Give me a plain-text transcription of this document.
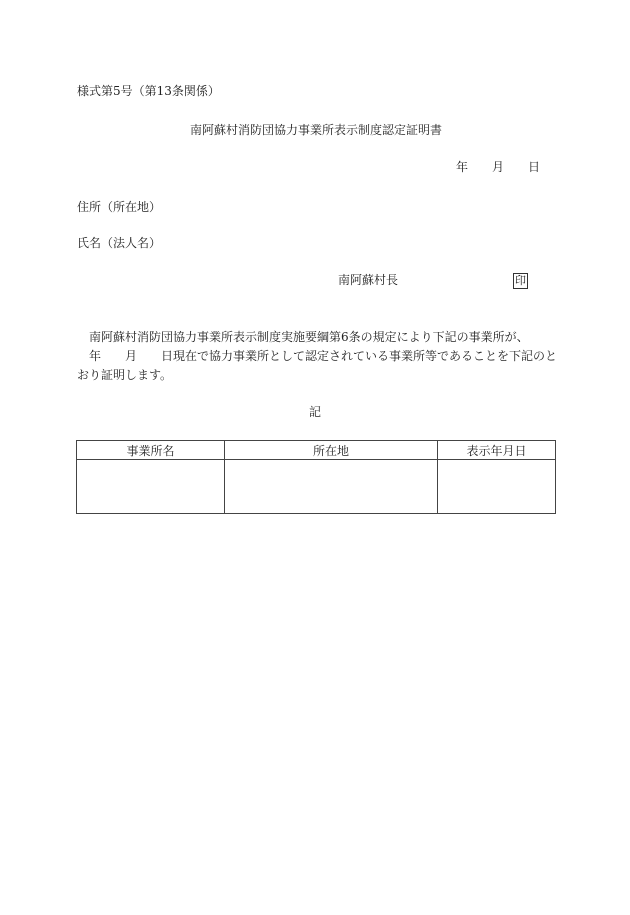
様式第5号（第13条関係）
南阿蘇村消防団協力事業所表示制度認定証明書
年 月 日
住所（所在地）
氏名（法人名）
南阿蘇村長	印
南阿蘇村消防団協力事業所表示制度実施要綱第6条の規定により下記の事業所が、
年 月 日現在で協力事業所として認定されている事業所等であることを下記のと
おり証明します。
記
事業所名	所在地	表示年月日
